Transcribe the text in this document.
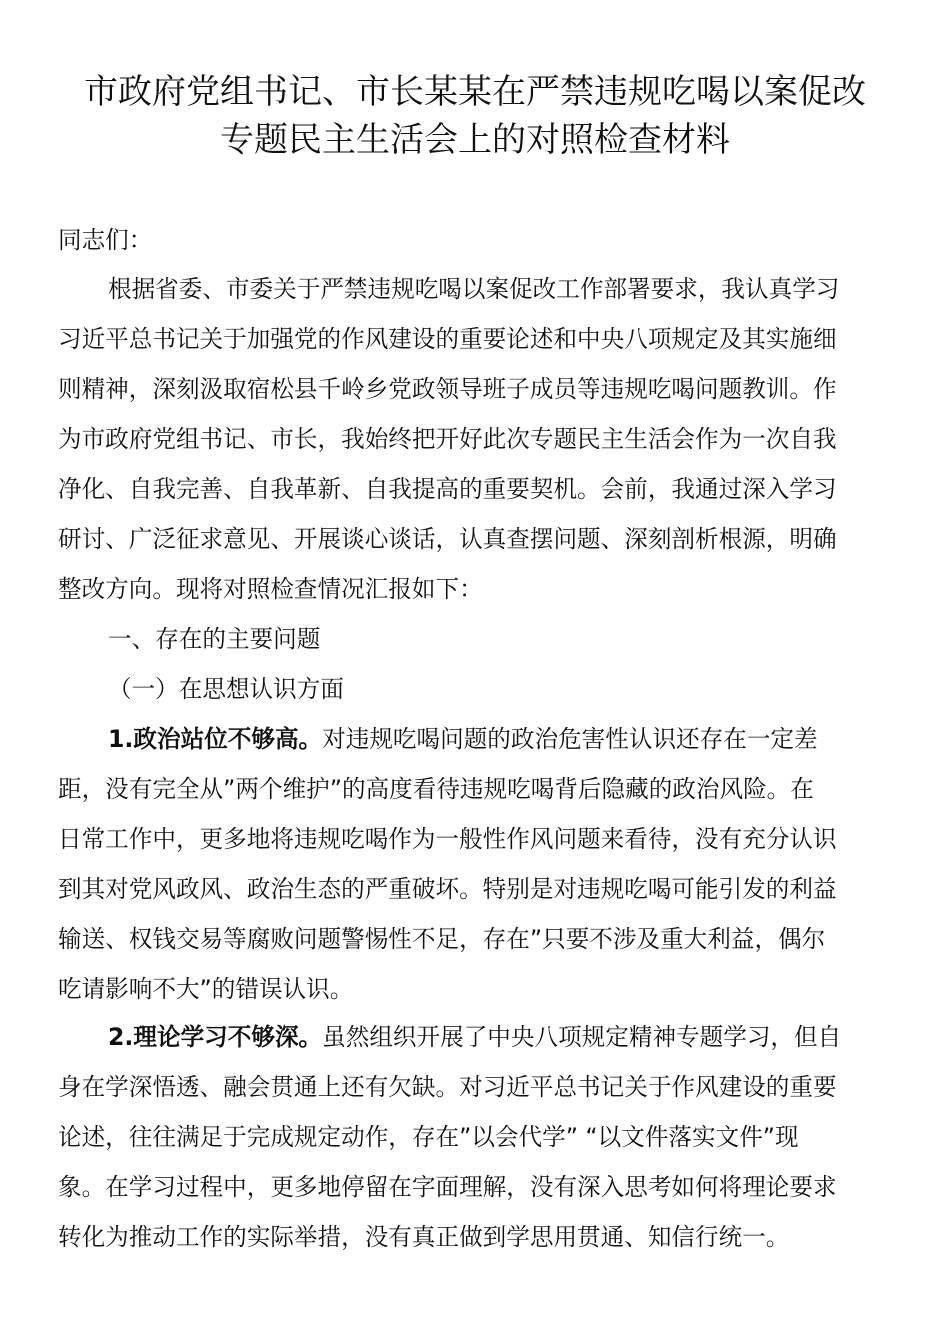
市政府党组书记、市长某某在严禁违规吃喝以案促改
专题民主生活会上的对照检查材料
同志们：
根据省委、市委关于严禁违规吃喝以案促改工作部署要求，我认真学习
习近平总书记关于加强党的作风建设的重要论述和中央八项规定及其实施细
则精神，深刻汲取宿松县千岭乡党政领导班子成员等违规吃喝问题教训。作
为市政府党组书记、市长，我始终把开好此次专题民主生活会作为一次自我
净化、自我完善、自我革新、自我提高的重要契机。会前，我通过深入学习
研讨、广泛征求意见、开展谈心谈话，认真查摆问题、深刻剖析根源，明确
整改方向。现将对照检查情况汇报如下：
一、存在的主要问题
（一）在思想认识方面
1.政治站位不够高。对违规吃喝问题的政治危害性认识还存在一定差
距，没有完全从”两个维护”的高度看待违规吃喝背后隐藏的政治风险。在
日常工作中，更多地将违规吃喝作为一般性作风问题来看待，没有充分认识
到其对党风政风、政治生态的严重破坏。特别是对违规吃喝可能引发的利益
输送、权钱交易等腐败问题警惕性不足，存在”只要不涉及重大利益，偶尔
吃请影响不大”的错误认识。
2.理论学习不够深。虽然组织开展了中央八项规定精神专题学习，但自
身在学深悟透、融会贯通上还有欠缺。对习近平总书记关于作风建设的重要
论述，往往满足于完成规定动作，存在”以会代学” “以文件落实文件”现
象。在学习过程中，更多地停留在字面理解，没有深入思考如何将理论要求
转化为推动工作的实际举措，没有真正做到学思用贯通、知信行统一。
